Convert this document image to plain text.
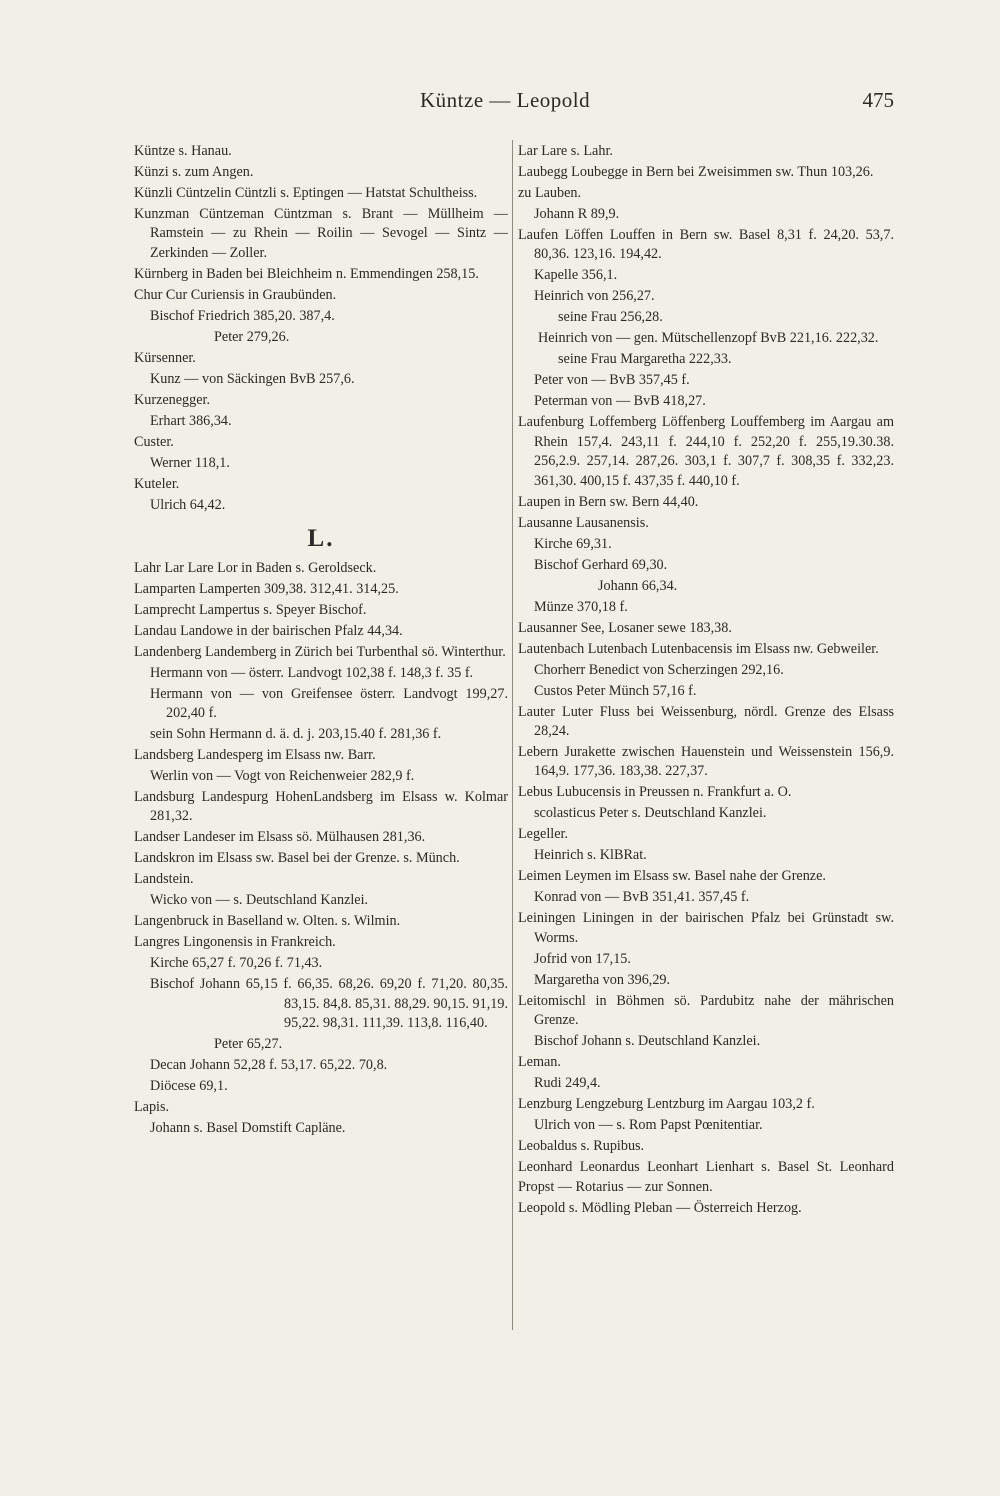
Küntze — Leopold	475
Küntze s. Hanau.
Künzi s. zum Angen.
Künzli Cüntzelin Cüntzli s. Eptingen — Hatstat Schultheiss.
Kunzman Cüntzeman Cüntzman s. Brant — Müllheim — Ramstein — zu Rhein — Roilin — Sevogel — Sintz — Zerkinden — Zoller.
Kürnberg in Baden bei Bleichheim n. Emmendingen 258,15.
Chur Cur Curiensis in Graubünden.
Bischof Friedrich 385,20. 387,4.
Peter 279,26.
Kürsenner.
Kunz — von Säckingen BvB 257,6.
Kurzenegger.
Erhart 386,34.
Custer.
Werner 118,1.
Kuteler.
Ulrich 64,42.
L.
Lahr Lar Lare Lor in Baden s. Geroldseck.
Lamparten Lamperten 309,38. 312,41. 314,25.
Lamprecht Lampertus s. Speyer Bischof.
Landau Landowe in der bairischen Pfalz 44,34.
Landenberg Landemberg in Zürich bei Turbenthal sö. Winterthur.
Hermann von — österr. Landvogt 102,38 f. 148,3 f. 35 f.
Hermann von — von Greifensee österr. Landvogt 199,27. 202,40 f.
sein Sohn Hermann d. ä. d. j. 203,15.40 f. 281,36 f.
Landsberg Landesperg im Elsass nw. Barr.
Werlin von — Vogt von Reichenweier 282,9 f.
Landsburg Landespurg HohenLandsberg im Elsass w. Kolmar 281,32.
Landser Landeser im Elsass sö. Mülhausen 281,36.
Landskron im Elsass sw. Basel bei der Grenze. s. Münch.
Landstein.
Wicko von — s. Deutschland Kanzlei.
Langenbruck in Baselland w. Olten. s. Wilmin.
Langres Lingonensis in Frankreich.
Kirche 65,27 f. 70,26 f. 71,43.
Bischof Johann 65,15 f. 66,35. 68,26. 69,20 f. 71,20. 80,35. 83,15. 84,8. 85,31. 88,29. 90,15. 91,19. 95,22. 98,31. 111,39. 113,8. 116,40.
Peter 65,27.
Decan Johann 52,28 f. 53,17. 65,22. 70,8.
Diöcese 69,1.
Lapis.
Johann s. Basel Domstift Capläne.
Lar Lare s. Lahr.
Laubegg Loubegge in Bern bei Zweisimmen sw. Thun 103,26.
zu Lauben.
Johann R 89,9.
Laufen Löffen Louffen in Bern sw. Basel 8,31 f. 24,20. 53,7. 80,36. 123,16. 194,42.
Kapelle 356,1.
Heinrich von 256,27.
seine Frau 256,28.
Heinrich von — gen. Mütschellenzopf BvB 221,16. 222,32.
seine Frau Margaretha 222,33.
Peter von — BvB 357,45 f.
Peterman von — BvB 418,27.
Laufenburg Loffemberg Löffenberg Louffemberg im Aargau am Rhein 157,4. 243,11 f. 244,10 f. 252,20 f. 255,19.30.38. 256,2.9. 257,14. 287,26. 303,1 f. 307,7 f. 308,35 f. 332,23. 361,30. 400,15 f. 437,35 f. 440,10 f.
Laupen in Bern sw. Bern 44,40.
Lausanne Lausanensis.
Kirche 69,31.
Bischof Gerhard 69,30.
Johann 66,34.
Münze 370,18 f.
Lausanner See, Losaner sewe 183,38.
Lautenbach Lutenbach Lutenbacensis im Elsass nw. Gebweiler.
Chorherr Benedict von Scherzingen 292,16.
Custos Peter Münch 57,16 f.
Lauter Luter Fluss bei Weissenburg, nördl. Grenze des Elsass 28,24.
Lebern Jurakette zwischen Hauenstein und Weissenstein 156,9. 164,9. 177,36. 183,38. 227,37.
Lebus Lubucensis in Preussen n. Frankfurt a. O.
scolasticus Peter s. Deutschland Kanzlei.
Legeller.
Heinrich s. KlBRat.
Leimen Leymen im Elsass sw. Basel nahe der Grenze.
Konrad von — BvB 351,41. 357,45 f.
Leiningen Liningen in der bairischen Pfalz bei Grünstadt sw. Worms.
Jofrid von 17,15.
Margaretha von 396,29.
Leitomischl in Böhmen sö. Pardubitz nahe der mährischen Grenze.
Bischof Johann s. Deutschland Kanzlei.
Leman.
Rudi 249,4.
Lenzburg Lengzeburg Lentzburg im Aargau 103,2 f.
Ulrich von — s. Rom Papst Pœnitentiar.
Leobaldus s. Rupibus.
Leonhard Leonardus Leonhart Lienhart s. Basel St. Leonhard Propst — Rotarius — zur Sonnen.
Leopold s. Mödling Pleban — Österreich Herzog.
